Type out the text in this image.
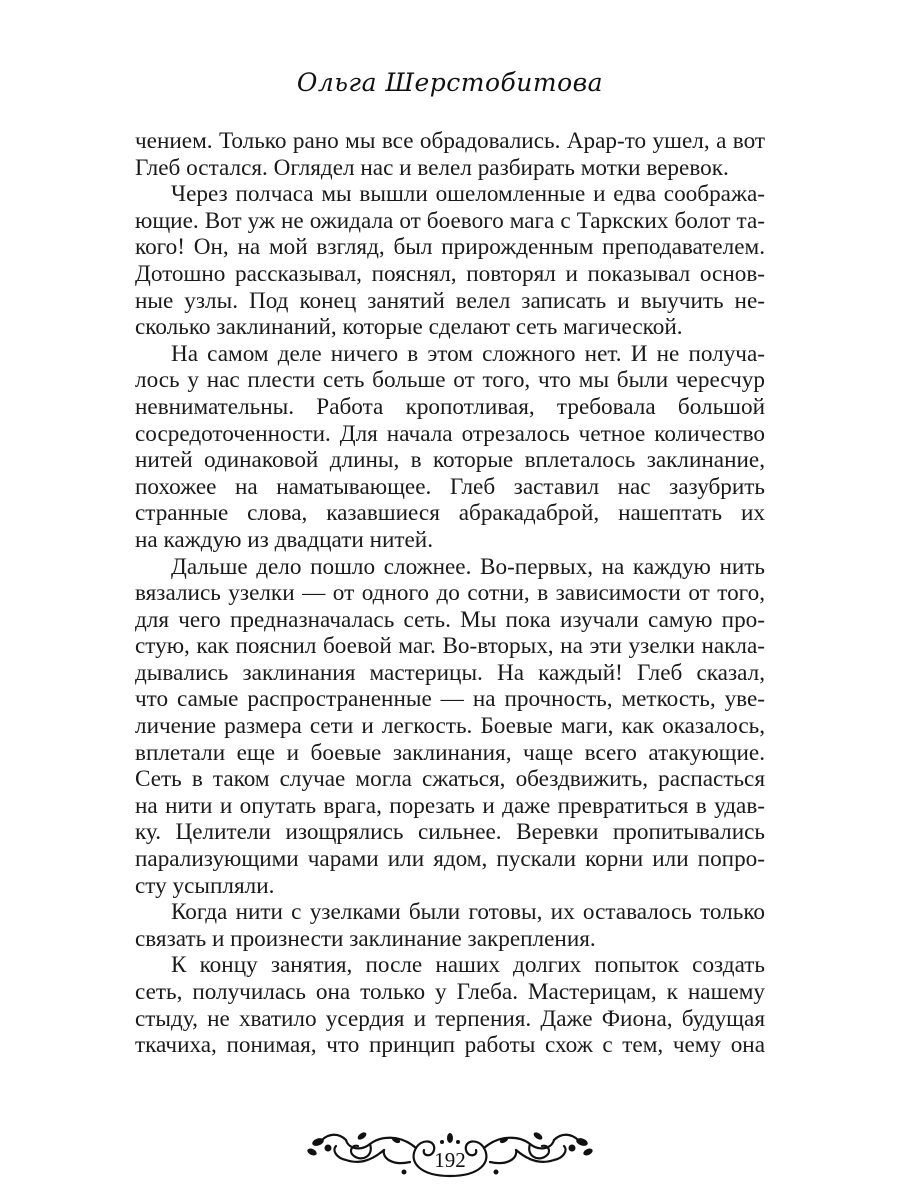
Ольга Шерстобитова

чением. Только рано мы все обрадовались. Арар-то ушел, а вот
Глеб остался. Оглядел нас и велел разбирать мотки веревок.

Через полчаса мы вышли ошеломленные и едва сообража-
ющие. Вот уж не ожидала от боевого мага с Таркских болот та-
кого! Он, на мой взгляд, был прирожденным преподавателем.
Дотошно рассказывал, пояснял, повторял и показывал основ-
ные узлы. Под конец занятий велел записать и выучить не-
сколько заклинаний, которые сделают сеть магической.

На самом деле ничего в этом сложного нет. И не получа-
лось у нас плести сеть больше от того, что мы были чересчур
невнимательны. Работа кропотливая, требовала большой
сосредоточенности. Для начала отрезалось четное количество
нитей одинаковой длины, в которые вплеталось заклинание,
похожее на наматывающее. Глеб заставил нас зазубрить
странные слова, казавшиеся абракадаброй, нашептать их
на каждую из двадцати нитей.

Дальше дело пошло сложнее. Во-первых, на каждую нить
вязались узелки — от одного до сотни, в зависимости от того,
для чего предназначалась сеть. Мы пока изучали самую про-
стую, как пояснил боевой маг. Во-вторых, на эти узелки накла-
дывались заклинания мастерицы. На каждый! Глеб сказал,
что самые распространенные — на прочность, меткость, уве-
личение размера сети и легкость. Боевые маги, как оказалось,
вплетали еще и боевые заклинания, чаще всего атакующие.
Сеть в таком случае могла сжаться, обездвижить, распасться
на нити и опутать врага, порезать и даже превратиться в удав-
ку. Целители изощрялись сильнее. Веревки пропитывались
парализующими чарами или ядом, пускали корни или попро-
сту усыпляли.

Когда нити с узелками были готовы, их оставалось только
связать и произнести заклинание закрепления.

К концу занятия, после наших долгих попыток создать
сеть, получилась она только у Глеба. Мастерицам, к нашему
стыду, не хватило усердия и терпения. Даже Фиона, будущая
ткачиха, понимая, что принцип работы схож с тем, чему она

192
